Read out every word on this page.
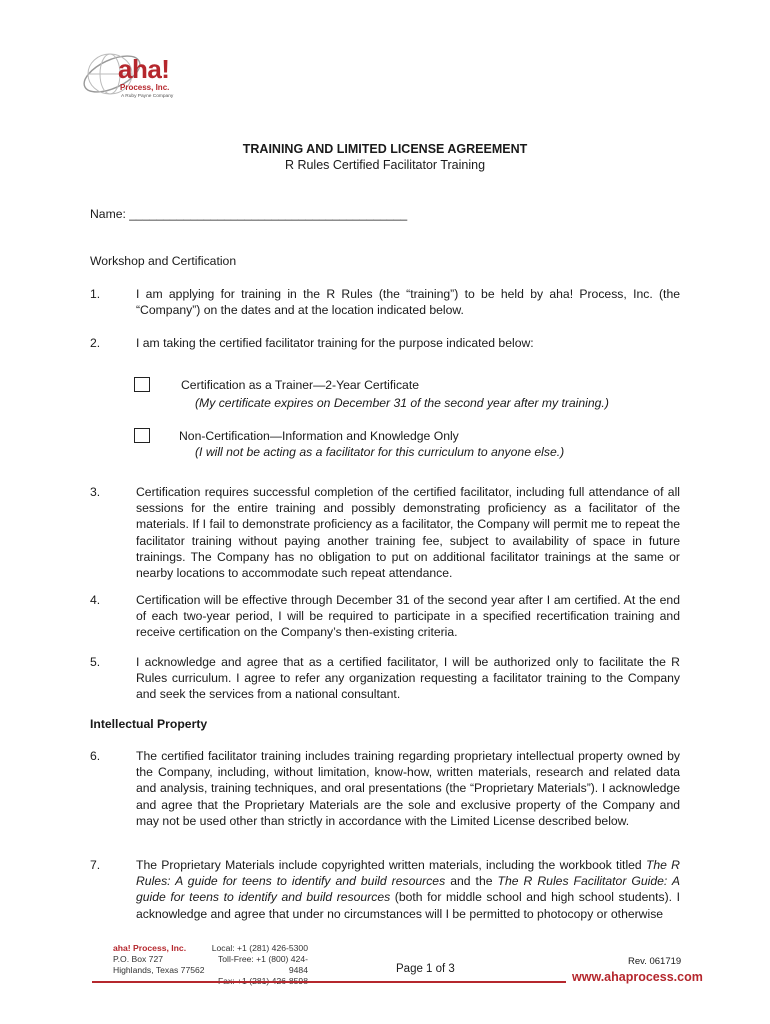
aha!
Process, Inc.
A Ruby Payne Company
TRAINING AND LIMITED LICENSE AGREEMENT
R Rules Certified Facilitator Training
Name: _________________________________________
Workshop and Certification
1.	I am applying for training in the R Rules (the “training”) to be held by aha! Process, Inc. (the “Company”) on the dates and at the location indicated below.
2.	I am taking the certified facilitator training for the purpose indicated below:
Certification as a Trainer—2-Year Certificate
(My certificate expires on December 31 of the second year after my training.)
Non-Certification—Information and Knowledge Only
(I will not be acting as a facilitator for this curriculum to anyone else.)
3.	Certification requires successful completion of the certified facilitator, including full attendance of all sessions for the entire training and possibly demonstrating proficiency as a facilitator of the materials. If I fail to demonstrate proficiency as a facilitator, the Company will permit me to repeat the facilitator training without paying another training fee, subject to availability of space in future trainings. The Company has no obligation to put on additional facilitator trainings at the same or nearby locations to accommodate such repeat attendance.
4.	Certification will be effective through December 31 of the second year after I am certified. At the end of each two-year period, I will be required to participate in a specified recertification training and receive certification on the Company’s then-existing criteria.
5.	I acknowledge and agree that as a certified facilitator, I will be authorized only to facilitate the R Rules curriculum. I agree to refer any organization requesting a facilitator training to the Company and seek the services from a national consultant.
Intellectual Property
6.	The certified facilitator training includes training regarding proprietary intellectual property owned by the Company, including, without limitation, know-how, written materials, research and related data and analysis, training techniques, and oral presentations (the “Proprietary Materials”). I acknowledge and agree that the Proprietary Materials are the sole and exclusive property of the Company and may not be used other than strictly in accordance with the Limited License described below.
7.	The Proprietary Materials include copyrighted written materials, including the workbook titled The R Rules: A guide for teens to identify and build resources and the The R Rules Facilitator Guide: A guide for teens to identify and build resources (both for middle school and high school students). I acknowledge and agree that under no circumstances will I be permitted to photocopy or otherwise
aha! Process, Inc.
P.O. Box 727
Highlands, Texas 77562
Local: +1 (281) 426-5300
Toll-Free: +1 (800) 424-9484	Page 1 of 3
Rev. 061719
www.ahaprocess.com
